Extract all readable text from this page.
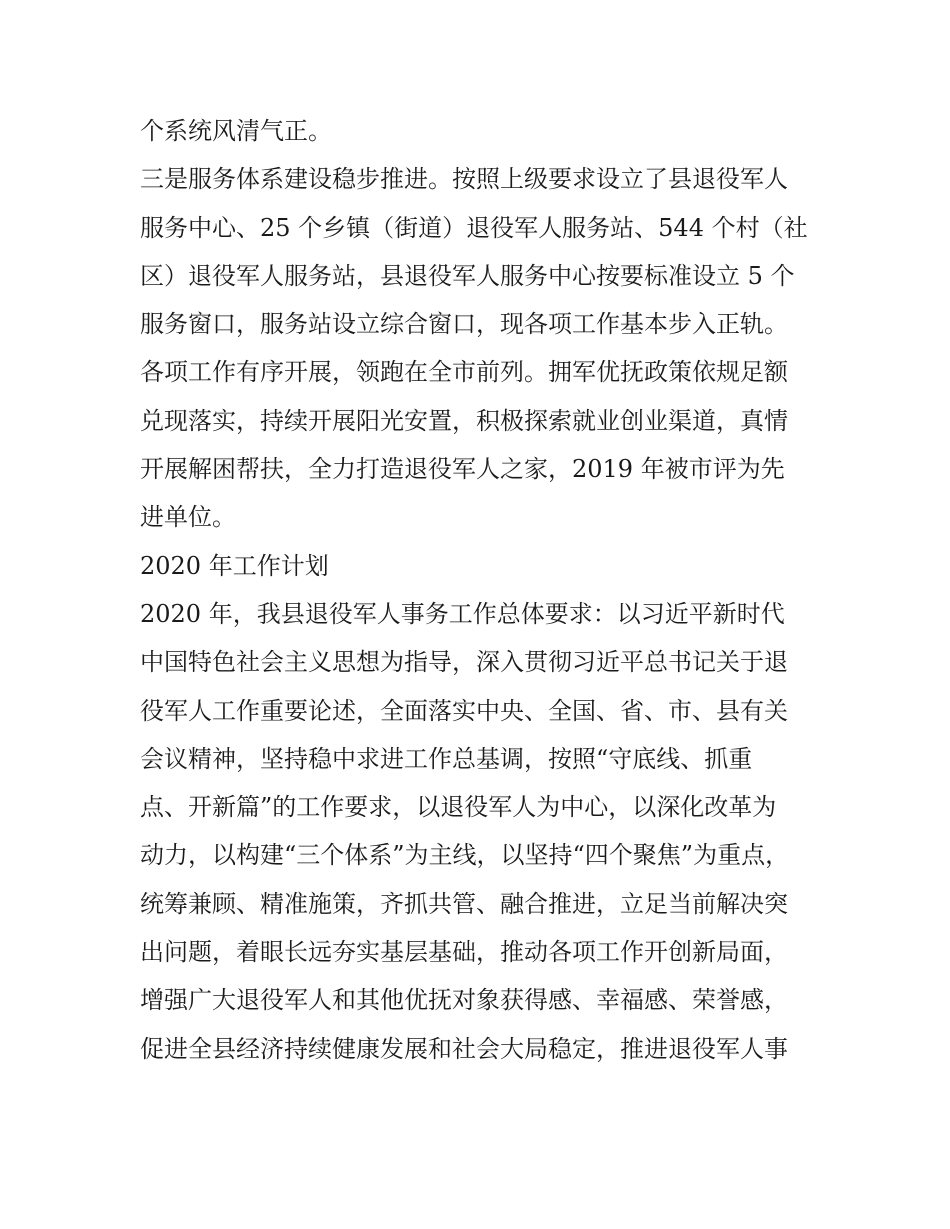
个系统风清气正。
三是服务体系建设稳步推进。按照上级要求设立了县退役军人
服务中心、25 个乡镇（街道）退役军人服务站、544 个村（社
区）退役军人服务站，县退役军人服务中心按要标准设立 5 个
服务窗口，服务站设立综合窗口，现各项工作基本步入正轨。
各项工作有序开展，领跑在全市前列。拥军优抚政策依规足额
兑现落实，持续开展阳光安置，积极探索就业创业渠道，真情
开展解困帮扶，全力打造退役军人之家，2019 年被市评为先
进单位。
2020 年工作计划
2020 年，我县退役军人事务工作总体要求：以习近平新时代
中国特色社会主义思想为指导，深入贯彻习近平总书记关于退
役军人工作重要论述，全面落实中央、全国、省、市、县有关
会议精神，坚持稳中求进工作总基调，按照“守底线、抓重
点、开新篇”的工作要求，以退役军人为中心，以深化改革为
动力，以构建“三个体系”为主线，以坚持“四个聚焦”为重点，
统筹兼顾、精准施策，齐抓共管、融合推进，立足当前解决突
出问题，着眼长远夯实基层基础，推动各项工作开创新局面，
增强广大退役军人和其他优抚对象获得感、幸福感、荣誉感，
促进全县经济持续健康发展和社会大局稳定，推进退役军人事
